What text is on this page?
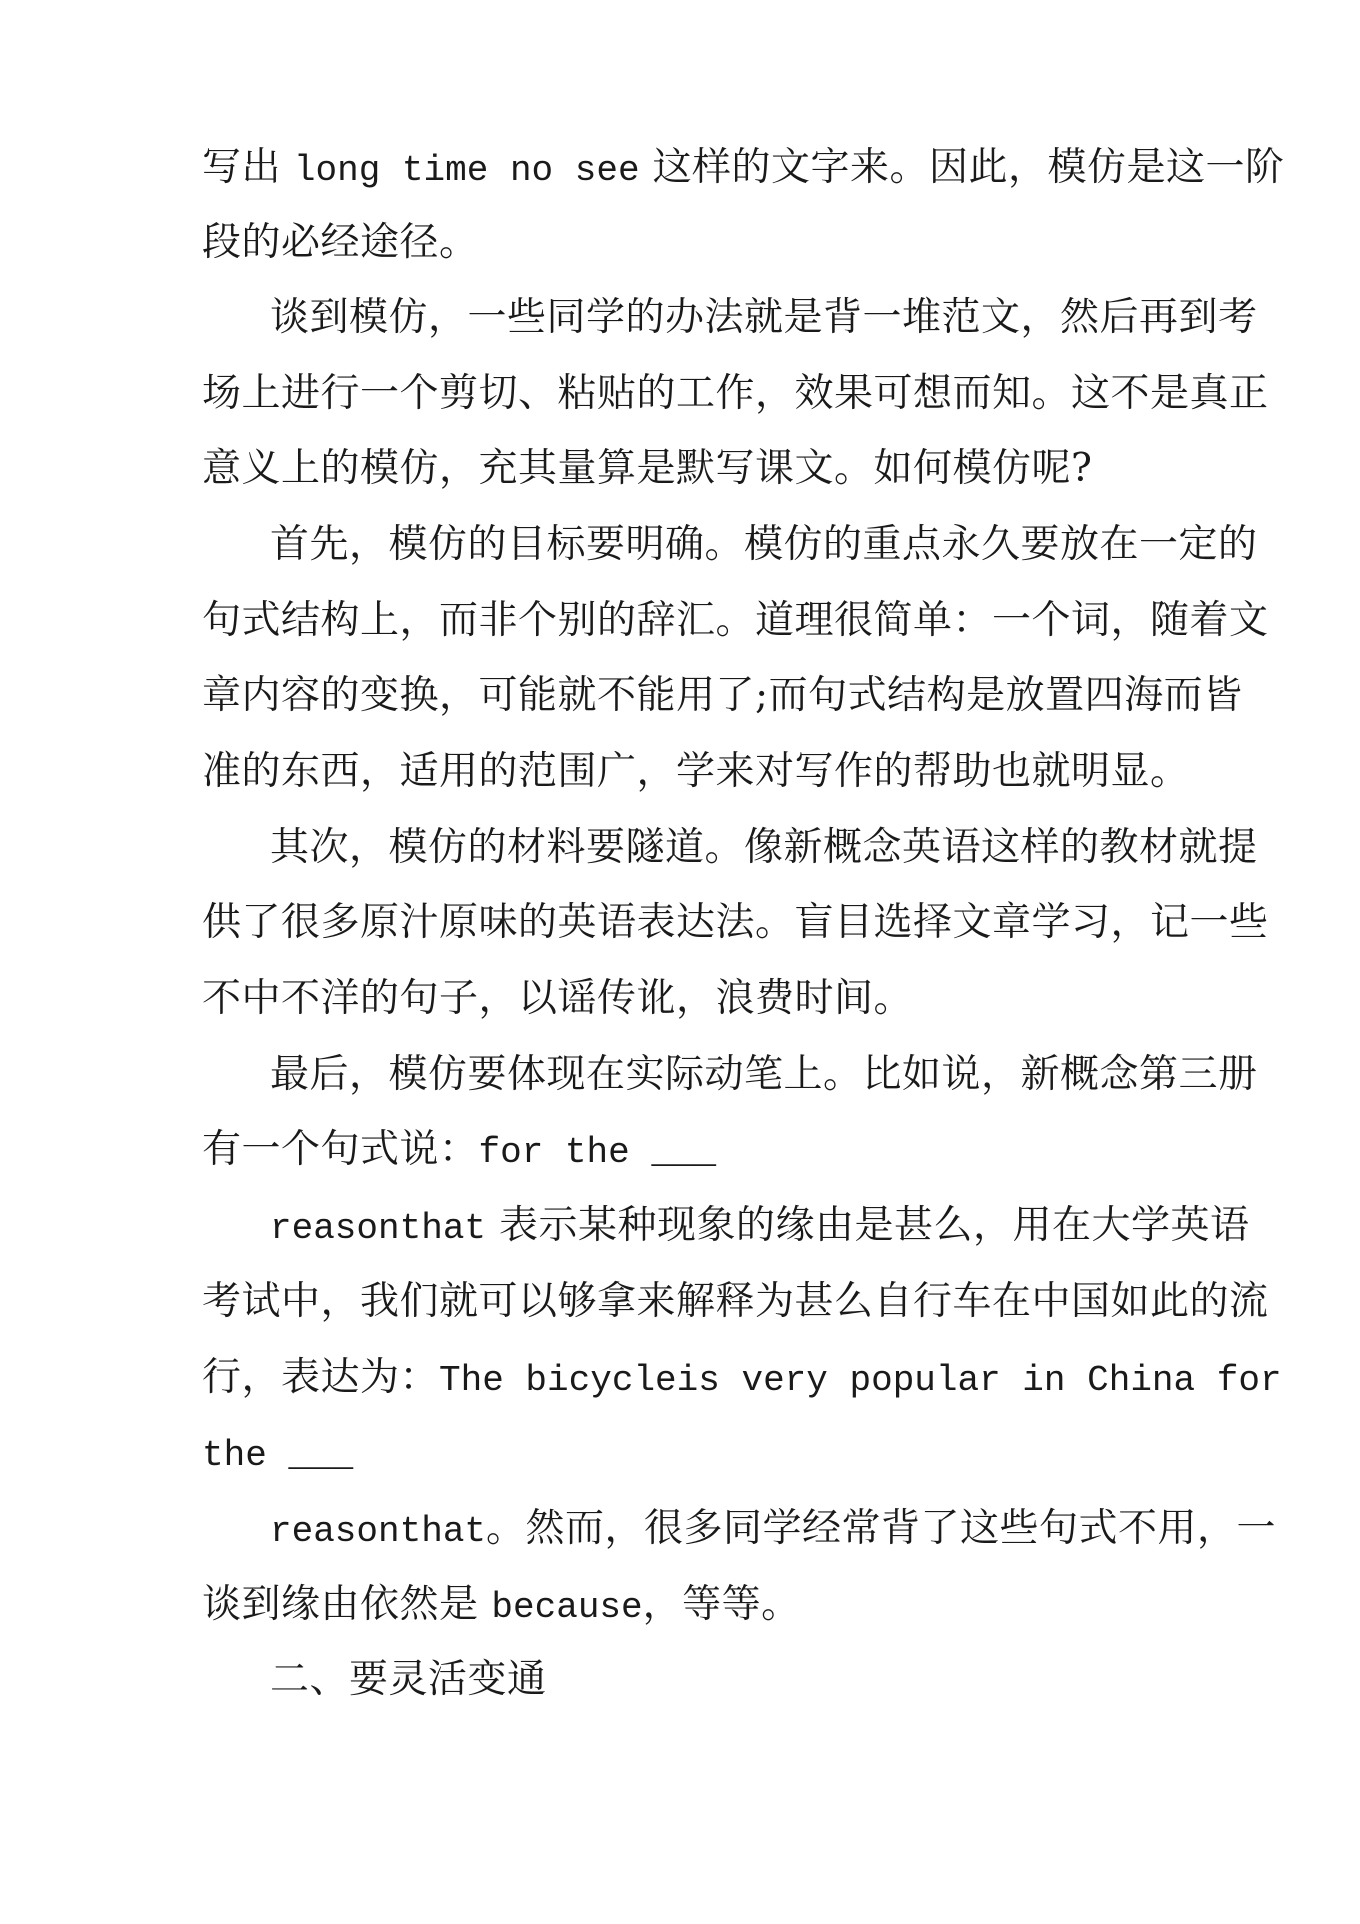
写出 long time no see 这样的文字来。因此，模仿是这一阶
段的必经途径。
谈到模仿，一些同学的办法就是背一堆范文，然后再到考
场上进行一个剪切、粘贴的工作，效果可想而知。这不是真正
意义上的模仿，充其量算是默写课文。如何模仿呢?
首先，模仿的目标要明确。模仿的重点永久要放在一定的
句式结构上，而非个别的辞汇。道理很简单：一个词，随着文
章内容的变换，可能就不能用了;而句式结构是放置四海而皆
准的东西，适用的范围广，学来对写作的帮助也就明显。
其次，模仿的材料要隧道。像新概念英语这样的教材就提
供了很多原汁原味的英语表达法。盲目选择文章学习，记一些
不中不洋的句子，以谣传讹，浪费时间。
最后，模仿要体现在实际动笔上。比如说，新概念第三册
有一个句式说：for the ___
reasonthat 表示某种现象的缘由是甚么，用在大学英语
考试中，我们就可以够拿来解释为甚么自行车在中国如此的流
行，表达为：The bicycleis very popular in China for
the ___
reasonthat。然而，很多同学经常背了这些句式不用，一
谈到缘由依然是 because，等等。
二、要灵活变通
